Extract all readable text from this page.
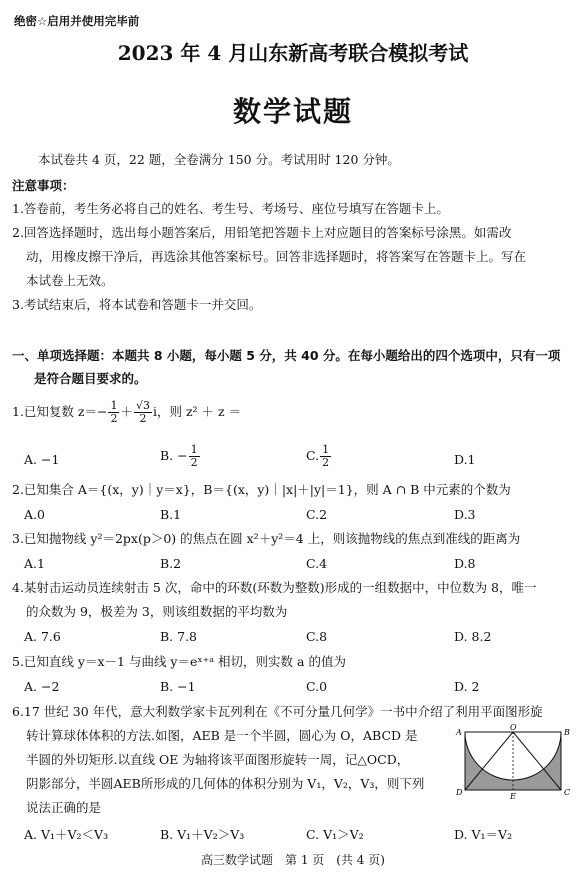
绝密☆启用并使用完毕前
2023 年 4 月山东新高考联合模拟考试
数学试题
本试卷共 4 页，22 题，全卷满分 150 分。考试用时 120 分钟。
注意事项：
1.答卷前，考生务必将自己的姓名、考生号、考场号、座位号填写在答题卡上。
2.回答选择题时，选出每小题答案后，用铅笔把答题卡上对应题目的答案标号涂黑。如需改
动，用橡皮擦干净后，再选涂其他答案标号。回答非选择题时，将答案写在答题卡上。写在
本试卷上无效。
3.考试结束后，将本试卷和答题卡一并交回。
一、单项选择题：本题共 8 小题，每小题 5 分，共 40 分。在每小题给出的四个选项中，只有一项
是符合题目要求的。
1.已知复数 $z=- \frac{1}{2} + \frac{√3}{2}$ i，则 z² ＋ z ＝
A. −1	B. − $\frac{1}{2}$	C. $\frac{1}{2}$	D.1
2.已知集合 A＝{(x，y)｜y＝x}，B＝{(x，y)｜|x|＋|y|＝1}，则 A ∩ B 中元素的个数为
A.0	B.1	C.2	D.3
3.已知抛物线 y²＝2px(p＞0) 的焦点在圆 x²＋y²＝4 上，则该抛物线的焦点到准线的距离为
A.1	B.2	C.4	D.8
4.某射击运动员连续射击 5 次，命中的环数(环数为整数)形成的一组数据中，中位数为 8，唯一
的众数为 9，极差为 3，则该组数据的平均数为
A. 7.6	B. 7.8	C.8	D. 8.2
5.已知直线 y＝x－1 与曲线 y＝eˣ⁺ᵃ 相切，则实数 a 的值为
A. −2	B. −1	C.0	D. 2
6.17 世纪 30 年代，意大利数学家卡瓦列利在《不可分量几何学》一书中介绍了利用平面图形旋
转计算球体体积的方法.如图，AEB 是一个半圆，圆心为 O，ABCD 是
半圆的外切矩形.以直线 OE 为轴将该平面图形旋转一周，记△OCD，
阴影部分，半圆AEB所形成的几何体的体积分别为 V₁，V₂，V₃，则下列
说法正确的是
A. V₁＋V₂＜V₃	B. V₁＋V₂＞V₃	C. V₁＞V₂	D. V₁＝V₂
A
O
B
D	E	C
高三数学试题　第 1 页　(共 4 页)
